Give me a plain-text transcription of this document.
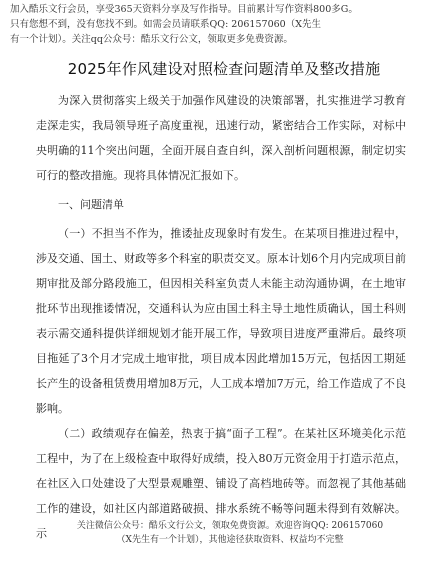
加入酷乐文行会员，享受365天资料分享及写作指导。目前累计写作资料800多G。
只有您想不到，没有您找不到。如需会员请联系QQ: 206157060（X先生
有一个计划）。关注qq公众号：酷乐文行公文，领取更多免费资源。
2025年作风建设对照检查问题清单及整改措施

为深入贯彻落实上级关于加强作风建设的决策部署，扎实推进学习教育走深走实，我局领导班子高度重视，迅速行动，紧密结合工作实际，对标中央明确的11个突出问题，全面开展自查自纠，深入剖析问题根源，制定切实可行的整改措施。现将具体情况汇报如下。

一、问题清单

（一）不担当不作为，推诿扯皮现象时有发生。在某项目推进过程中，涉及交通、国土、财政等多个科室的职责交叉。原本计划6个月内完成项目前期审批及部分路段施工，但因相关科室负责人未能主动沟通协调，在土地审批环节出现推诿情况，交通科认为应由国土科主导土地性质确认，国土科则表示需交通科提供详细规划才能开展工作，导致项目进度严重滞后。最终项目拖延了3个月才完成土地审批，项目成本因此增加15万元，包括因工期延长产生的设备租赁费用增加8万元，人工成本增加7万元，给工作造成了不良影响。

（二）政绩观存在偏差，热衷于搞“面子工程”。在某社区环境美化示范工程中，为了在上级检查中取得好成绩，投入80万元资金用于打造示范点，在社区入口处建设了大型景观雕塑、铺设了高档地砖等。而忽视了其他基础工作的建设，如社区内部道路破损、排水系统不畅等问题未得到有效解决。示

关注微信公众号：酷乐文行公文，领取免费资源。欢迎咨询QQ: 206157060
（X先生有一个计划），其他途径获取资料、权益均不完整
